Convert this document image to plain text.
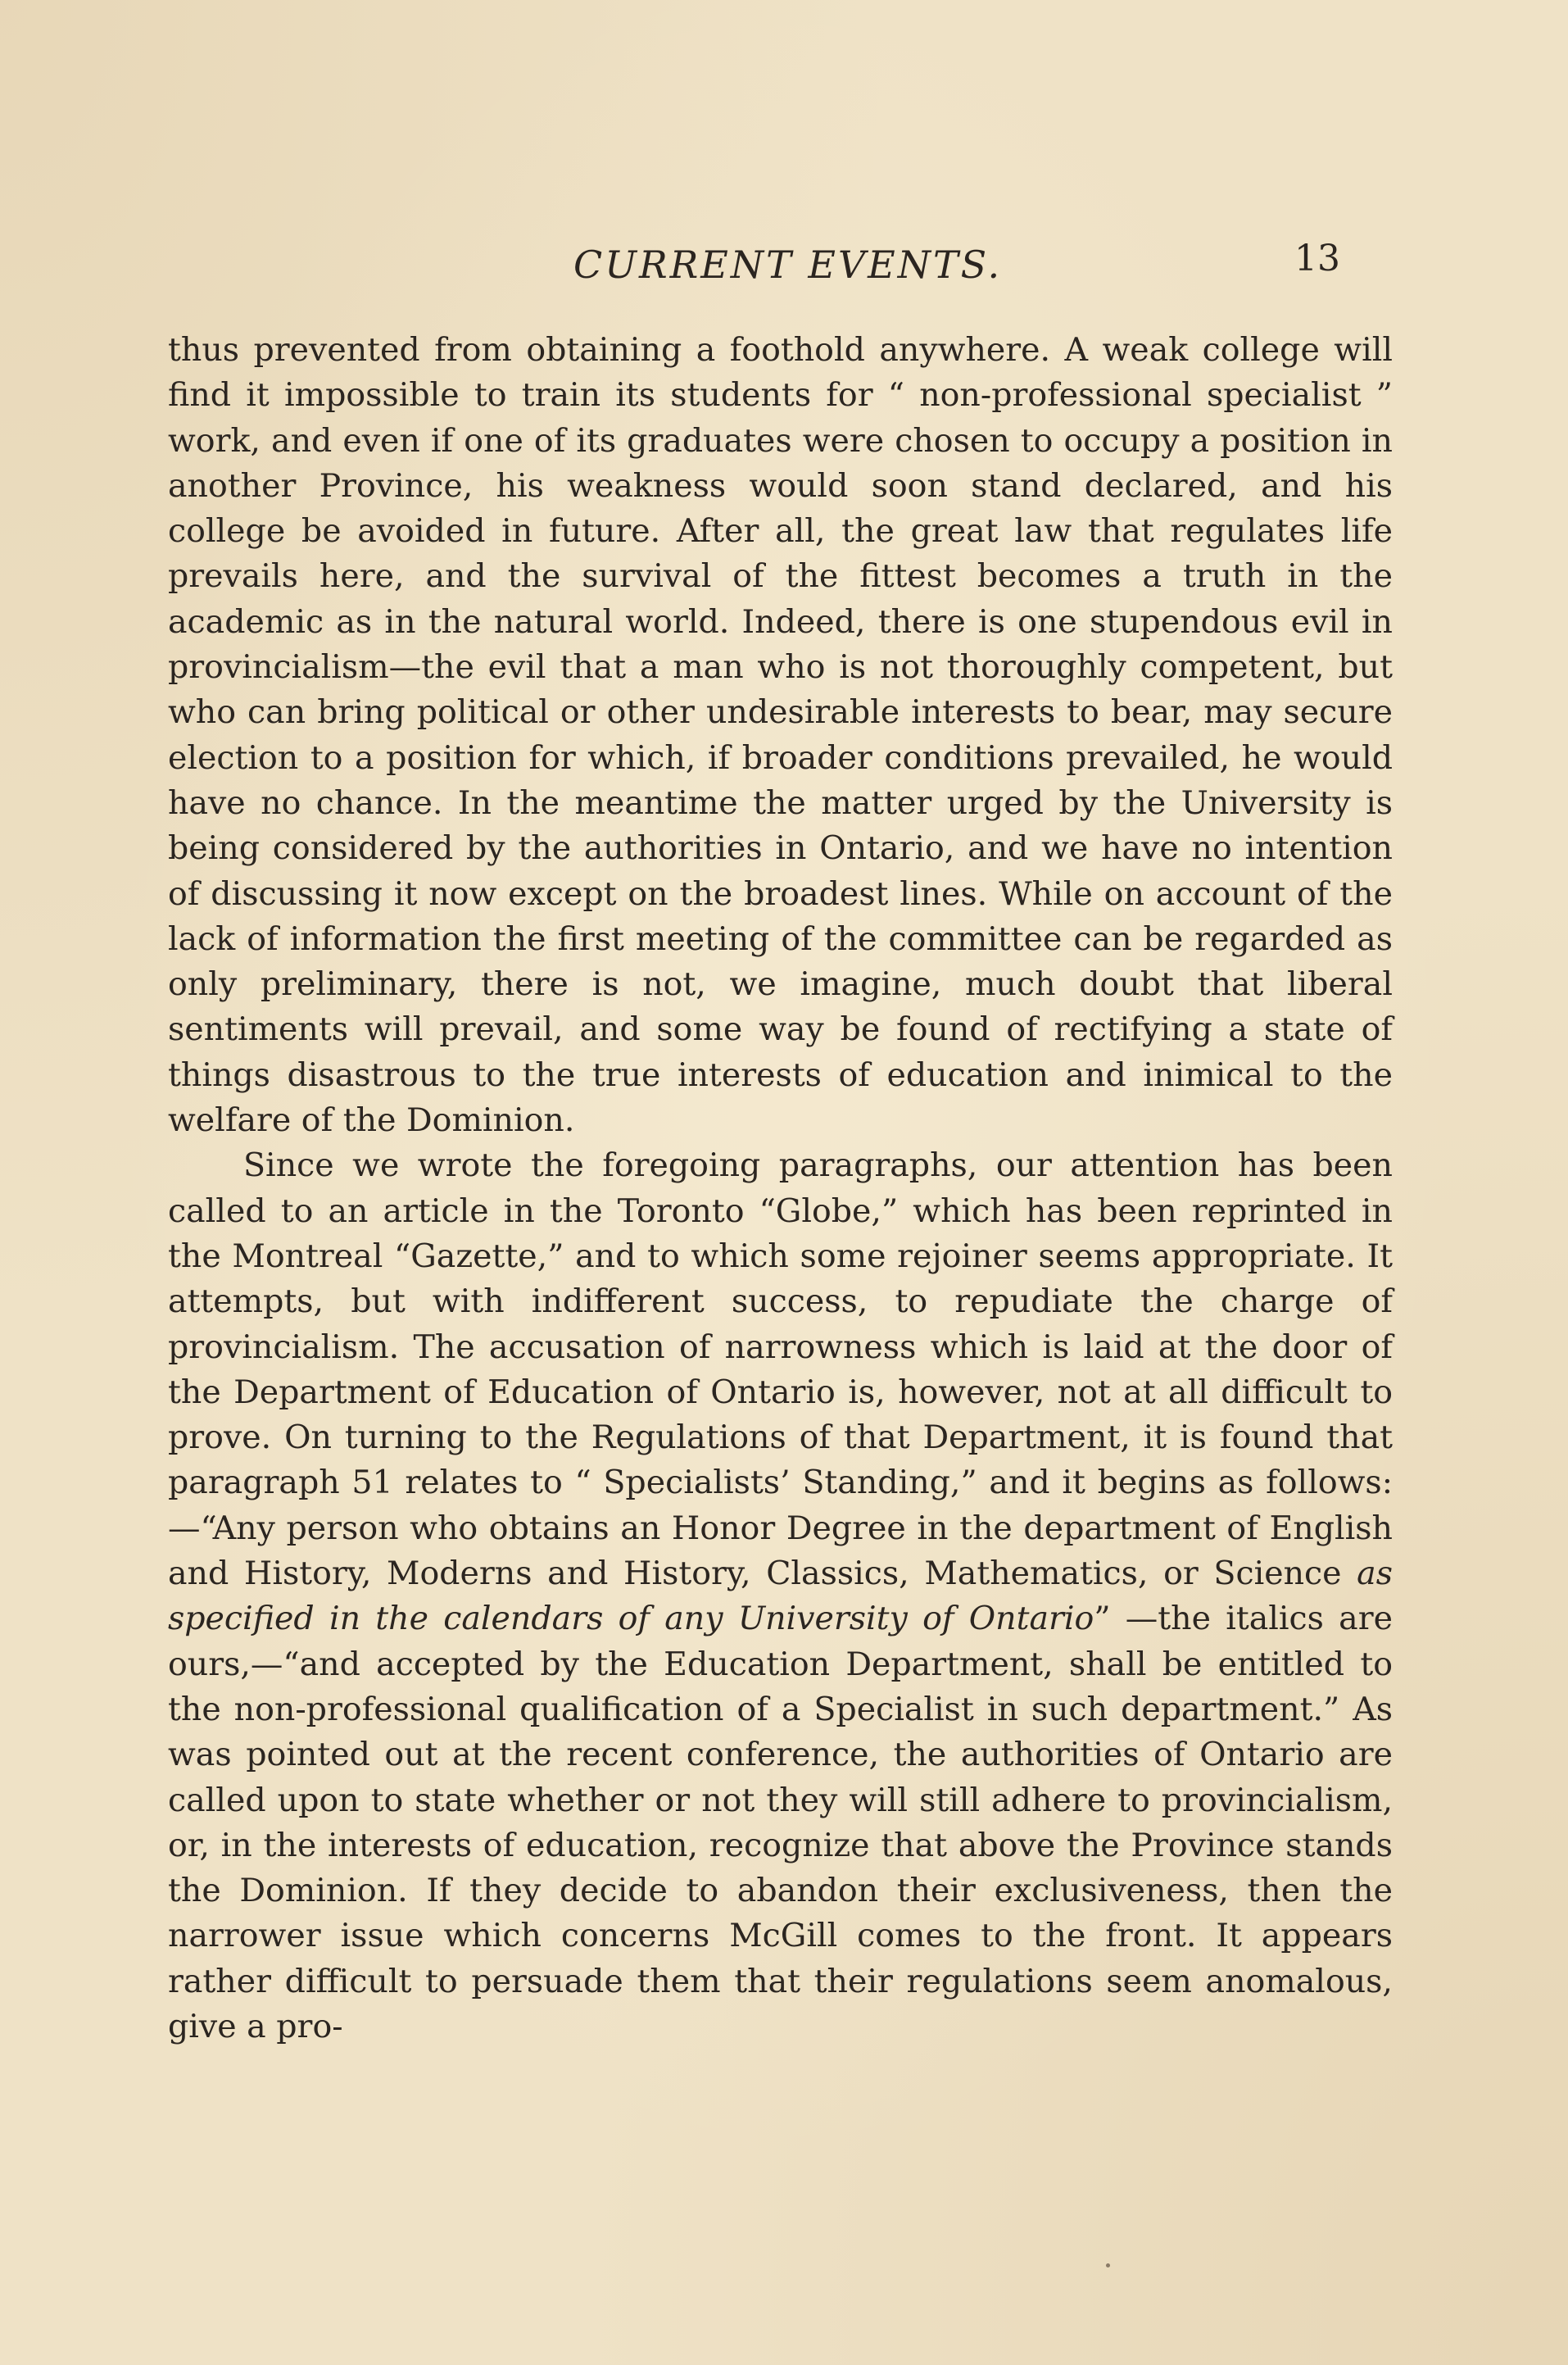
CURRENT EVENTS.	13

thus prevented from obtaining a foothold anywhere. A weak college will find it impossible to train its students for “ non-professional specialist ” work, and even if one of its graduates were chosen to occupy a position in another Province, his weakness would soon stand declared, and his college be avoided in future. After all, the great law that regulates life prevails here, and the survival of the fittest becomes a truth in the academic as in the natural world. Indeed, there is one stupendous evil in provincialism—the evil that a man who is not thoroughly competent, but who can bring political or other undesirable interests to bear, may secure election to a position for which, if broader conditions prevailed, he would have no chance. In the meantime the matter urged by the University is being considered by the authorities in Ontario, and we have no intention of discussing it now except on the broadest lines. While on account of the lack of information the first meeting of the committee can be regarded as only preliminary, there is not, we imagine, much doubt that liberal sentiments will prevail, and some way be found of rectifying a state of things disastrous to the true interests of education and inimical to the welfare of the Dominion.

Since we wrote the foregoing paragraphs, our attention has been called to an article in the Toronto “Globe,” which has been reprinted in the Montreal “Gazette,” and to which some rejoiner seems appropriate. It attempts, but with indifferent success, to repudiate the charge of provincialism. The accusation of narrowness which is laid at the door of the Department of Education of Ontario is, however, not at all difficult to prove. On turning to the Regulations of that Department, it is found that paragraph 51 relates to “ Specialists’ Standing,” and it begins as follows:—“Any person who obtains an Honor Degree in the department of English and History, Moderns and History, Classics, Mathematics, or Science as specified in the calendars of any University of Ontario” —the italics are ours,—“and accepted by the Education Department, shall be entitled to the non-professional qualification of a Specialist in such department.” As was pointed out at the recent conference, the authorities of Ontario are called upon to state whether or not they will still adhere to provincialism, or, in the interests of education, recognize that above the Province stands the Dominion. If they decide to abandon their exclusiveness, then the narrower issue which concerns McGill comes to the front. It appears rather difficult to persuade them that their regulations seem anomalous, give a pro-
